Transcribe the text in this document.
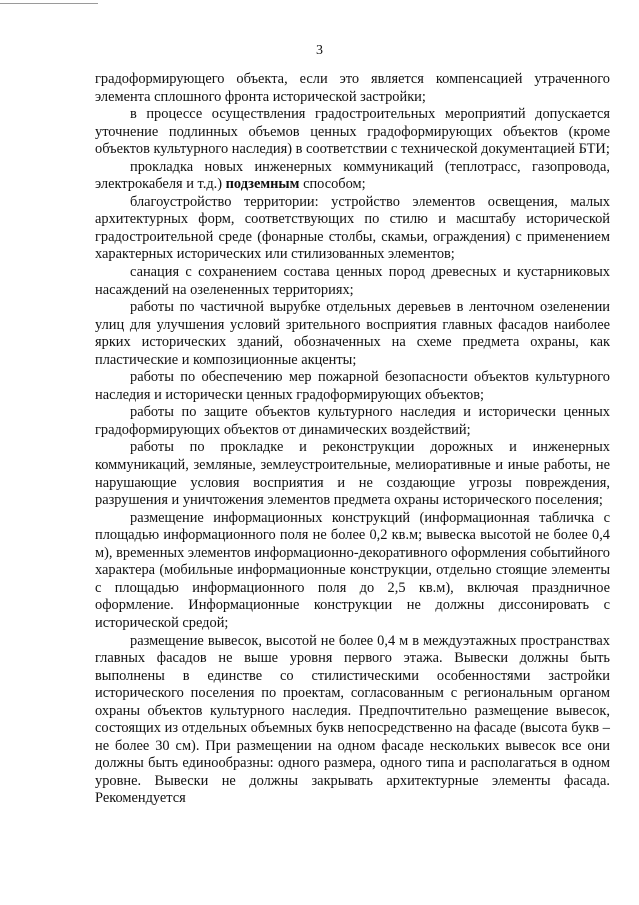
3

градоформирующего объекта, если это является компенсацией утраченного элемента сплошного фронта исторической застройки;

в процессе осуществления градостроительных мероприятий допускается уточнение подлинных объемов ценных градоформирующих объектов (кроме объектов культурного наследия) в соответствии с технической документацией БТИ;

прокладка новых инженерных коммуникаций (теплотрасс, газопровода, электрокабеля и т.д.) подземным способом;

благоустройство территории: устройство элементов освещения, малых архитектурных форм, соответствующих по стилю и масштабу исторической градостроительной среде (фонарные столбы, скамьи, ограждения) с применением характерных исторических или стилизованных элементов;

санация с сохранением состава ценных пород древесных и кустарниковых насаждений на озелененных территориях;

работы по частичной вырубке отдельных деревьев в ленточном озеленении улиц для улучшения условий зрительного восприятия главных фасадов наиболее ярких исторических зданий, обозначенных на схеме предмета охраны, как пластические и композиционные акценты;

работы по обеспечению мер пожарной безопасности объектов культурного наследия и исторически ценных градоформирующих объектов;

работы по защите объектов культурного наследия и исторически ценных градоформирующих объектов от динамических воздействий;

работы по прокладке и реконструкции дорожных и инженерных коммуникаций, земляные, землеустроительные, мелиоративные и иные работы, не нарушающие условия восприятия и не создающие угрозы повреждения, разрушения и уничтожения элементов предмета охраны исторического поселения;

размещение информационных конструкций (информационная табличка с площадью информационного поля не более 0,2 кв.м; вывеска высотой не более 0,4 м), временных элементов информационно-декоративного оформления событийного характера (мобильные информационные конструкции, отдельно стоящие элементы с площадью информационного поля до 2,5 кв.м), включая праздничное оформление. Информационные конструкции не должны диссонировать с исторической средой;

размещение вывесок, высотой не более 0,4 м в междуэтажных пространствах главных фасадов не выше уровня первого этажа. Вывески должны быть выполнены в единстве со стилистическими особенностями застройки исторического поселения по проектам, согласованным с региональным органом охраны объектов культурного наследия. Предпочтительно размещение вывесок, состоящих из отдельных объемных букв непосредственно на фасаде (высота букв – не более 30 см). При размещении на одном фасаде нескольких вывесок все они должны быть единообразны: одного размера, одного типа и располагаться в одном уровне. Вывески не должны закрывать архитектурные элементы фасада. Рекомендуется
